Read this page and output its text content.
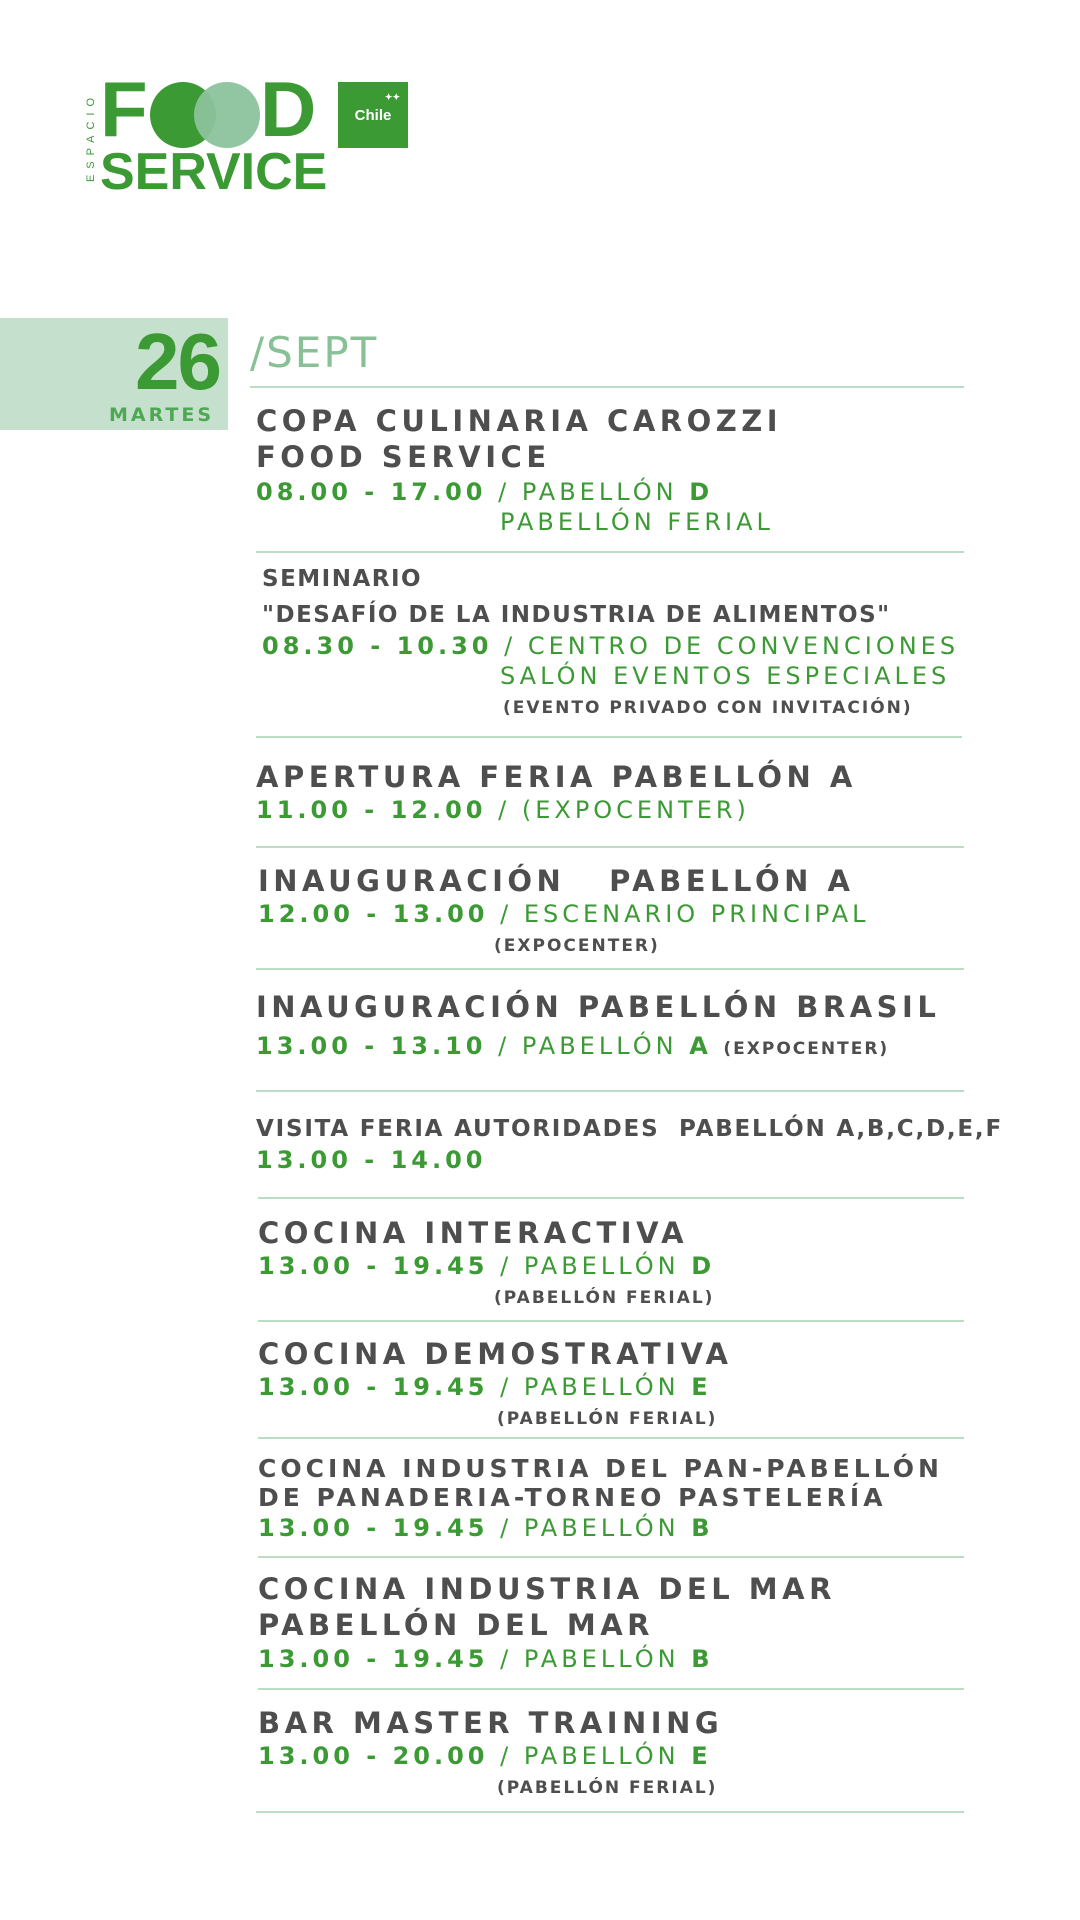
ESPACIO F D
SERVICE
Chile
✦✦
26
MARTES
/SEPT
COPA CULINARIA CAROZZI
FOOD SERVICE
08.00 - 17.00 / PABELLÓN D
PABELLÓN FERIAL
SEMINARIO
"DESAFÍO DE LA INDUSTRIA DE ALIMENTOS"
08.30 - 10.30 / CENTRO DE CONVENCIONES
SALÓN EVENTOS ESPECIALES
(EVENTO PRIVADO CON INVITACIÓN)
APERTURA FERIA PABELLÓN A
11.00 - 12.00 / (EXPOCENTER)
INAUGURACIÓN   PABELLÓN A
12.00 - 13.00 / ESCENARIO PRINCIPAL
(EXPOCENTER)
INAUGURACIÓN PABELLÓN BRASIL
13.00 - 13.10 / PABELLÓN A (EXPOCENTER)
VISITA FERIA AUTORIDADES  PABELLÓN A,B,C,D,E,F
13.00 - 14.00
COCINA INTERACTIVA
13.00 - 19.45 / PABELLÓN D
(PABELLÓN FERIAL)
COCINA DEMOSTRATIVA
13.00 - 19.45 / PABELLÓN E
(PABELLÓN FERIAL)
COCINA INDUSTRIA DEL PAN-PABELLÓN
DE PANADERIA-TORNEO PASTELERÍA
13.00 - 19.45 / PABELLÓN B
COCINA INDUSTRIA DEL MAR
PABELLÓN DEL MAR
13.00 - 19.45 / PABELLÓN B
BAR MASTER TRAINING
13.00 - 20.00 / PABELLÓN E
(PABELLÓN FERIAL)
